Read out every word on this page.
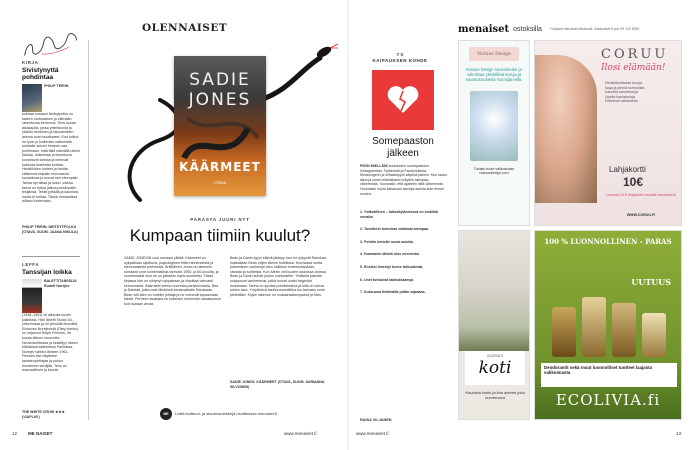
OLENNAISET
KIRJA
Sivistynyttä pohdintaa
PHILIP TEIRIN
kolmaa romaani Neitsytpolku on taiteen ulottuvaisen ja elämään rakentuvaa kertomus. Teos kuvaa aikakautta, jossa yhteiskunta ja yksilön henkinen ja taloudellinen asema ovat muuttuneet. Kun kolkot on tyvin jo kulkenkin sattumalta kohdalle sukuni ihminen saa pohtimaan, mitä tällä elämällä oikein haluaa. Iinkimisaa ja tieluekuva korostavat tarinaa ja kertovat kokevaa tilannetta kohtaa. Henkilöiden tunteet ja heidän välisensä kaipailu muovaavat kuvaelmaa ja tuovat sen eteenpäin. Tarina nyt alkaa ja kuluu, vaikka tarina on tuttua jatkoa pohdinnalle tekijänsä. Teksti jyrkkää ja kaunista, mutta ei turhaa. Tässä romaanissa tullaan tuntemaan.
PHILIP TEIRIN: NEITSYTPOLKU (OTAVA, SUOM. JAANA NIKULA)
LEFFA
Tanssijan loikka
BALETTITANSSIJA Rudolf Nurejev
(1938–1993) oli aikansa suurin julkkiksia. Hän lähetti Studio 54 -yökerhossa ja oli yleisöllä elomällä. Elokuvan Nurejevistä (Oleg Ivenko) on ohjannut Ralph Fiennes. Se kuvaa äitiuen nuoruutta Neuvostoliitossa ja keskittyy hänen elämänsä käänteeksi Pariisissa. Nurejev vaihtoi länteen 1961. Fiennes itse näyttelee tanssinopettajaa ja puhuu muutenkin venäjää. Teos on dramaattinen ja kaunis.
THE WHITE CROW ★★★ (VIAPLAY)
SADIE
JONES
KÄÄRMEET
OTAVA
PARASTA JUURI NYT
Kumpaan tiimiin kuulut?
SADIE JONESIN uusi romaani ylittää. Käärmeet on nykyaikaan sijoittuva, psykologinen trilleri ahneudesta ja kiemuraisesta perheestä. Brittiläinen Jones on aiemmin romaanit ovat tunnelmallisia tarinoita 1950- ja 60-luvuilta, ja suurimmaksi osin ne on julkaistu myös suomeksi. Tässä kirjassa hän on siirtynyt nykyaikaan ja kirjoittaa vahvasti kerronnasta. Käärmeet kertoo nuoresta pariskunnasta, Bea ja Danista, jotka ovat lähdössä lomamatkalle Ranskaan. Bean veli Alex on hotellin johtaja ja he menevät tapaamaan häntä. Perheen taustalla on kuitenkin enemmän salaisuuksia kuin kukaan arvaa.
Bean ja Danin kyyni elämä järkkyy, kun he yöpyvät Ranskan-matkallaan Bean veljen Alexin hotellissa. Hurmaava mutta paheellinen vanhempi Alex hallitsee tuntemuksistaan, rahasta ja suhteista. Kun Alexin veli kuolee oudoissa oloissa, Bean ja Danin suhde joutuu koetukselle. Yhtäkkiä pakotta soappuvat vanhemmat, jotka tuovat uudet tragediat mukanaan. Tarina on syvästi pohdiskeleva ja sillä on vahva toinen taso. Ympäröivä kauhuromantiikka tuo tarinaan omia piirteitään. Kirjan rakenne on mukaansatempaava ja tiivis.
SADIE JONES: KÄÄRMEET (OTAVA, SUOM. SARIANNA SILVONEN)
ME	Lisää kulttuuri- ja sisustusvinkkejä osoitteessa menaiset.fi.
12 ME NAISET	www.menaiset.fi
7 X
KAIPAUKSEN KOHDE
Somepaaston
jälkeen
PIDIN MIELLÄNI kuukauden somepaaston: Instagramista, Twitteristä ja Facebookista. Messengerin ja WhatsAppin käyttöä jatkoin. Kun tauko alkoi ja some-elämäkseen käyttiin aiempaa vähemmän, huomasin, että ajattelin niitä vähemmän. Huomasin myös kaivavani samoja asioita kuin ennen somea.
1. Ystävällinen – taitokäytännössä on sisältöä ennalta.
2. Tavoitteet tuntuivat voittavat aiempaa.
3. Pohdin lentotie uusia asioita.
4. Huomasin lähteä ulos enemmän.
5. Ensiksi ilmestyi tunne tuttuudesta.
6. Unet tuntuivat laadukkaampi.
7. Kuka-asia tietämällä pidän vapaana.
RAISA VILJANEN
menaiset ostoksilla Yritykset menaiset-lehdessä: ilmoitukset.fi puh 09 120 5090
Notuus Design
Notuus Design suunnittelee ja valmistaa yksilöllisiä koruja ja sisustustuotteita Nurmijärvellä.
Tutustu tuote valikoimaan notuusdesign.com
CORUU
Ilosi elämään!
Henkilökohtaisia koruja
Isoja ja pieniä sormuksia
Kauniita rannekoruja
Upeita kaulakoruja
Eettisesti valmistettu
Lahjakortti
10€
Lunasta 10 € lahjakortti koodilla menaiset10
WWW.CORUU.FI
GLORIA'S
koti
Kaunista kotiin ja iloa arkeen joka numerossa
100 % LUONNOLLINEN - PARAS
UUTUUS
Deodorantit sekä muut luonnolliset tuotteet laajasta valikoimasta
ECOLIVIA.fi
www.menaiset.fi	13
